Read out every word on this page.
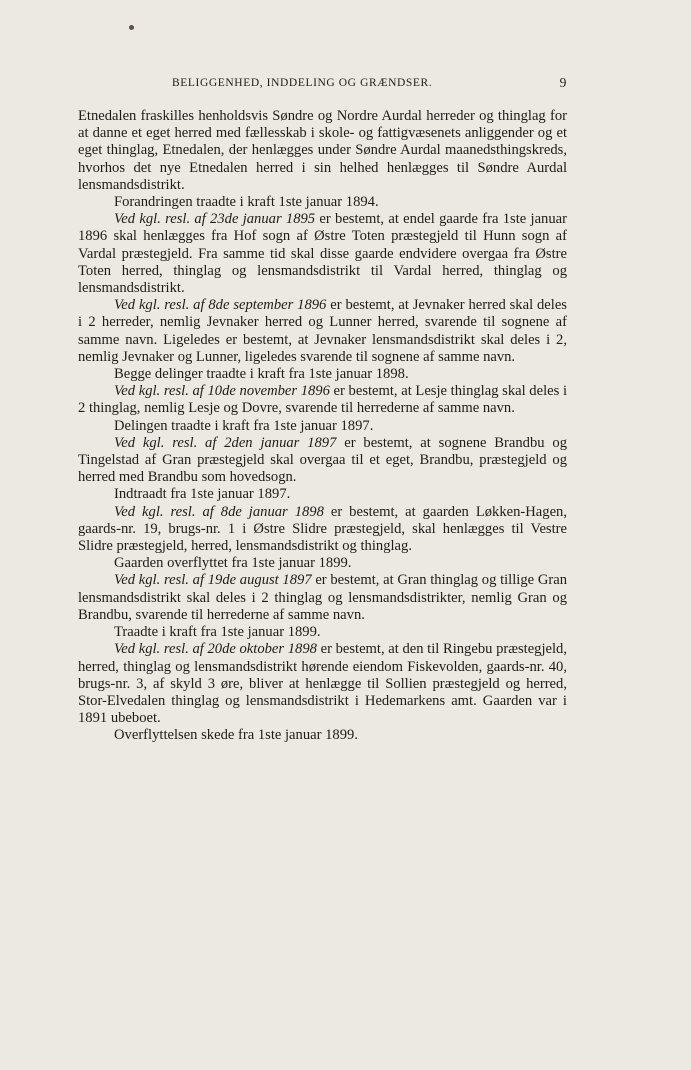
BELIGGENHED, INDDELING OG GRÆNDSER.	9

Etnedalen fraskilles henholdsvis Søndre og Nordre Aurdal herreder og thinglag for at danne et eget herred med fællesskab i skole- og fattigvæsenets anliggender og et eget thinglag, Etnedalen, der henlægges under Søndre Aurdal maanedsthingskreds, hvorhos det nye Etnedalen herred i sin helhed henlægges til Søndre Aurdal lensmandsdistrikt.

Forandringen traadte i kraft 1ste januar 1894.

Ved kgl. resl. af 23de januar 1895 er bestemt, at endel gaarde fra 1ste januar 1896 skal henlægges fra Hof sogn af Østre Toten præstegjeld til Hunn sogn af Vardal præstegjeld. Fra samme tid skal disse gaarde endvidere overgaa fra Østre Toten herred, thinglag og lensmandsdistrikt til Vardal herred, thinglag og lensmandsdistrikt.

Ved kgl. resl. af 8de september 1896 er bestemt, at Jevnaker herred skal deles i 2 herreder, nemlig Jevnaker herred og Lunner herred, svarende til sognene af samme navn. Ligeledes er bestemt, at Jevnaker lensmandsdistrikt skal deles i 2, nemlig Jevnaker og Lunner, ligeledes svarende til sognene af samme navn.

Begge delinger traadte i kraft fra 1ste januar 1898.

Ved kgl. resl. af 10de november 1896 er bestemt, at Lesje thinglag skal deles i 2 thinglag, nemlig Lesje og Dovre, svarende til herrederne af samme navn.

Delingen traadte i kraft fra 1ste januar 1897.

Ved kgl. resl. af 2den januar 1897 er bestemt, at sognene Brandbu og Tingelstad af Gran præstegjeld skal overgaa til et eget, Brandbu, præstegjeld og herred med Brandbu som hovedsogn.

Indtraadt fra 1ste januar 1897.

Ved kgl. resl. af 8de januar 1898 er bestemt, at gaarden Løkken-Hagen, gaards-nr. 19, brugs-nr. 1 i Østre Slidre præstegjeld, skal henlægges til Vestre Slidre præstegjeld, herred, lensmandsdistrikt og thinglag.

Gaarden overflyttet fra 1ste januar 1899.

Ved kgl. resl. af 19de august 1897 er bestemt, at Gran thinglag og tillige Gran lensmandsdistrikt skal deles i 2 thinglag og lensmandsdistrikter, nemlig Gran og Brandbu, svarende til herrederne af samme navn.

Traadte i kraft fra 1ste januar 1899.

Ved kgl. resl. af 20de oktober 1898 er bestemt, at den til Ringebu præstegjeld, herred, thinglag og lensmandsdistrikt hørende eiendom Fiskevolden, gaards-nr. 40, brugs-nr. 3, af skyld 3 øre, bliver at henlægge til Sollien præstegjeld og herred, Stor-Elvedalen thinglag og lensmandsdistrikt i Hedemarkens amt. Gaarden var i 1891 ubeboet.

Overflyttelsen skede fra 1ste januar 1899.
